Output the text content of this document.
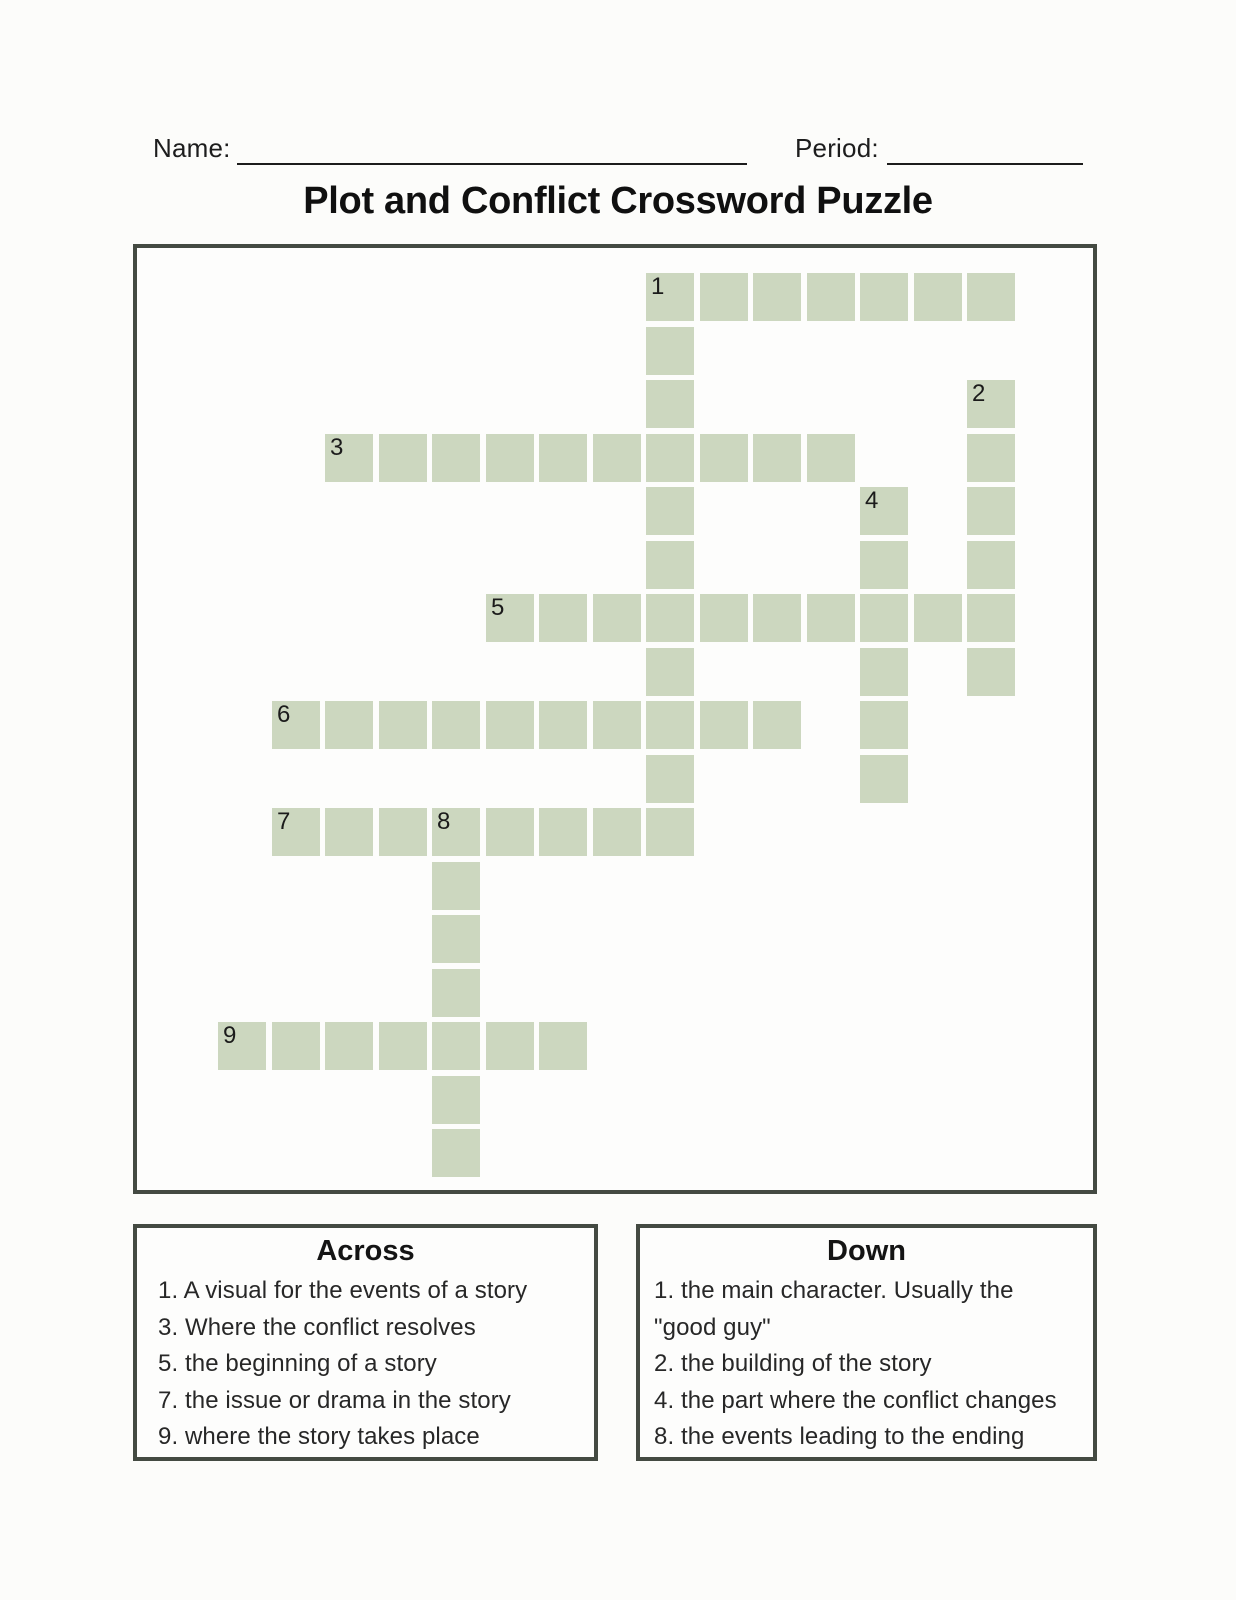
Name:	Period:
Plot and Conflict Crossword Puzzle
1
2
3
4
5
6
7	8
9
Across
1. A visual for the events of a story
3. Where the conflict resolves
5. the beginning of a story
7. the issue or drama in the story
9. where the story takes place
Down
1. the main character. Usually the
"good guy"
2. the building of the story
4. the part where the conflict changes
8. the events leading to the ending
